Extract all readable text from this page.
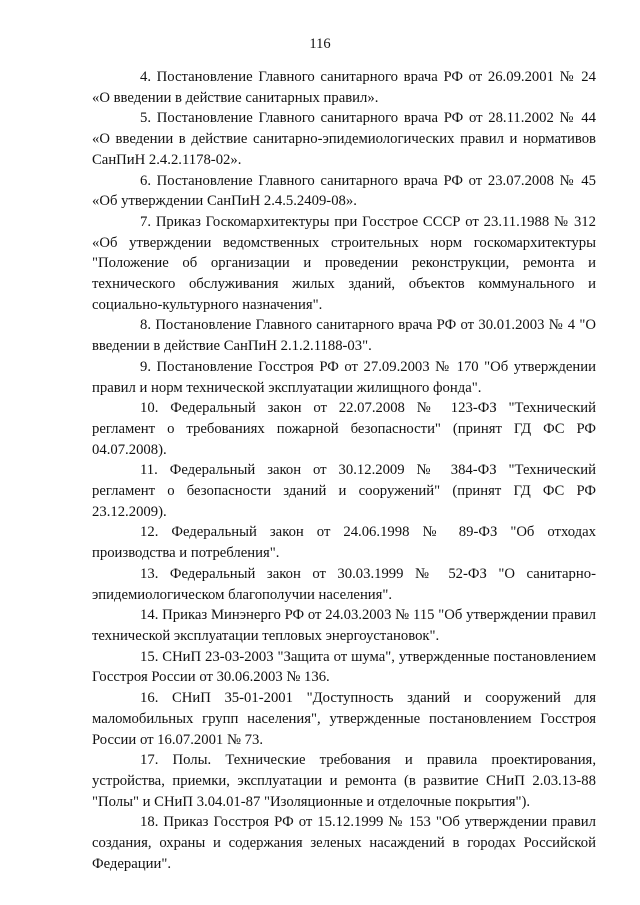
116

4. Постановление Главного санитарного врача РФ от 26.09.2001 № 24 «О введении в действие санитарных правил».

5. Постановление Главного санитарного врача РФ от 28.11.2002 № 44 «О введении в действие санитарно-эпидемиологических правил и нормативов СанПиН 2.4.2.1178-02».

6. Постановление Главного санитарного врача РФ от 23.07.2008 № 45 «Об утверждении СанПиН 2.4.5.2409-08».

7. Приказ Госкомархитектуры при Госстрое СССР от 23.11.1988 № 312 «Об утверждении ведомственных строительных норм госкомархитектуры "Положение об организации и проведении реконструкции, ремонта и технического обслуживания жилых зданий, объектов коммунального и социально-культурного назначения".

8. Постановление Главного санитарного врача РФ от 30.01.2003 № 4 "О введении в действие СанПиН 2.1.2.1188-03".

9. Постановление Госстроя РФ от 27.09.2003 № 170 "Об утверждении правил и норм технической эксплуатации жилищного фонда".

10. Федеральный закон от 22.07.2008 № 123-ФЗ "Технический регламент о требованиях пожарной безопасности" (принят ГД ФС РФ 04.07.2008).

11. Федеральный закон от 30.12.2009 № 384-ФЗ "Технический регламент о безопасности зданий и сооружений" (принят ГД ФС РФ 23.12.2009).

12. Федеральный закон от 24.06.1998 № 89-ФЗ "Об отходах производства и потребления".

13. Федеральный закон от 30.03.1999 № 52-ФЗ "О санитарно-эпидемиологическом благополучии населения".

14. Приказ Минэнерго РФ от 24.03.2003 № 115 "Об утверждении правил технической эксплуатации тепловых энергоустановок".

15. СНиП 23-03-2003 "Защита от шума", утвержденные постановлением Госстроя России от 30.06.2003 № 136.

16. СНиП 35-01-2001 "Доступность зданий и сооружений для маломобильных групп населения", утвержденные постановлением Госстроя России от 16.07.2001 № 73.

17. Полы. Технические требования и правила проектирования, устройства, приемки, эксплуатации и ремонта (в развитие СНиП 2.03.13-88 "Полы" и СНиП 3.04.01-87 "Изоляционные и отделочные покрытия").

18. Приказ Госстроя РФ от 15.12.1999 № 153 "Об утверждении правил создания, охраны и содержания зеленых насаждений в городах Российской Федерации".
